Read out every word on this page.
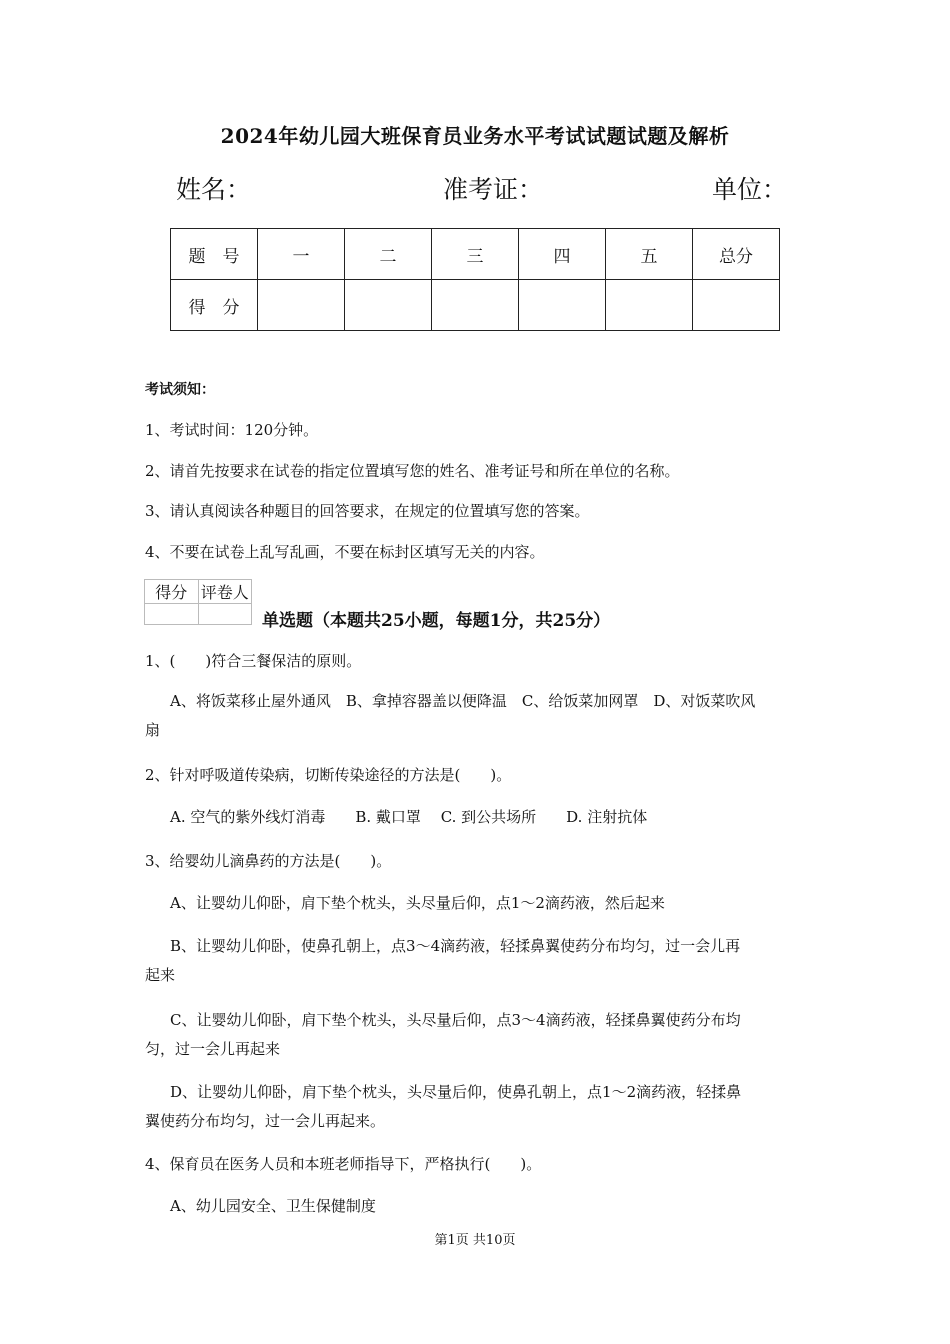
2024年幼儿园大班保育员业务水平考试试题试题及解析
姓名：	准考证：	单位：
题　号	一	二	三	四	五	总分
得　分						
考试须知：
1、考试时间：120分钟。
2、请首先按要求在试卷的指定位置填写您的姓名、准考证号和所在单位的名称。
3、请认真阅读各种题目的回答要求，在规定的位置填写您的答案。
4、不要在试卷上乱写乱画，不要在标封区填写无关的内容。
得分	评卷人

单选题（本题共25小题，每题1分，共25分）
1、(　　)符合三餐保洁的原则。
A、将饭菜移止屋外通风　B、拿掉容器盖以便降温　C、给饭菜加网罩　D、对饭菜吹风
扇
2、针对呼吸道传染病，切断传染途径的方法是(　　)。
A. 空气的紫外线灯消毒　　B. 戴口罩　 C. 到公共场所　　D. 注射抗体
3、给婴幼儿滴鼻药的方法是(　　)。
A、让婴幼儿仰卧，肩下垫个枕头，头尽量后仰，点1～2滴药液，然后起来
B、让婴幼儿仰卧，使鼻孔朝上，点3～4滴药液，轻揉鼻翼使药分布均匀，过一会儿再
起来
C、让婴幼儿仰卧，肩下垫个枕头，头尽量后仰，点3～4滴药液，轻揉鼻翼使药分布均
匀，过一会儿再起来
D、让婴幼儿仰卧，肩下垫个枕头，头尽量后仰，使鼻孔朝上，点1～2滴药液，轻揉鼻
翼使药分布均匀，过一会儿再起来。
4、保育员在医务人员和本班老师指导下，严格执行(　　)。
A、幼儿园安全、卫生保健制度
第1页 共10页
